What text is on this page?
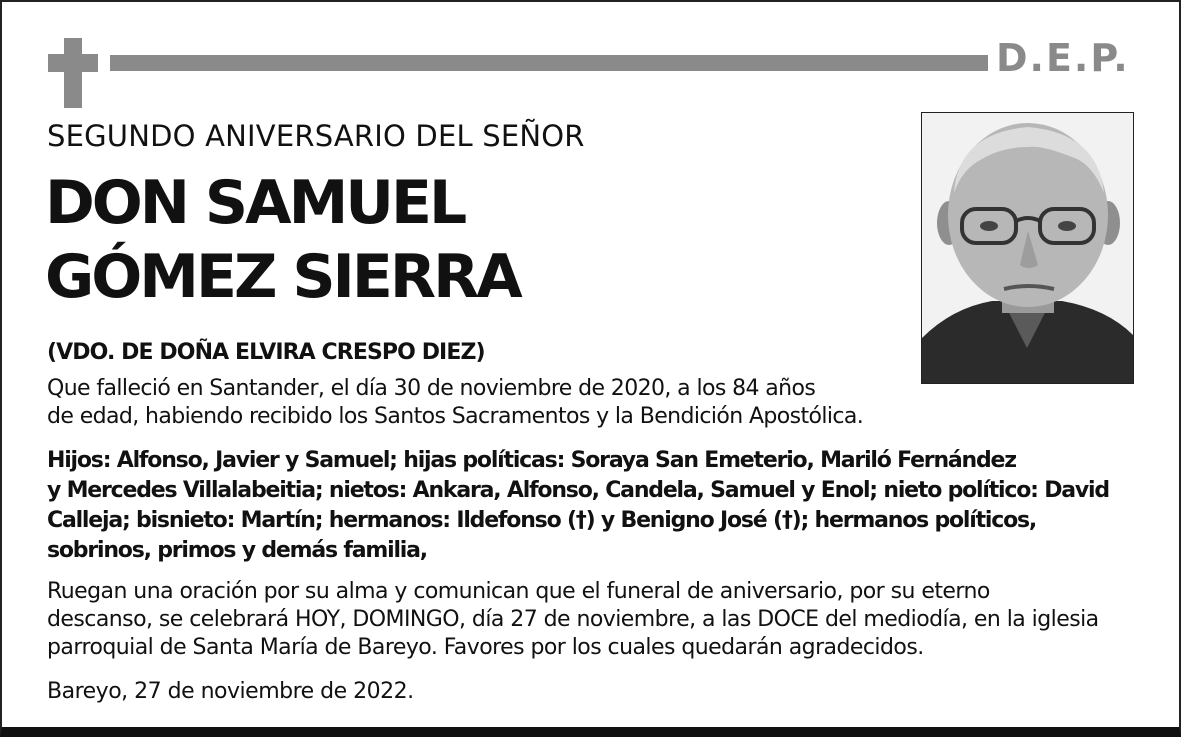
D.E.P.
SEGUNDO ANIVERSARIO DEL SEÑOR
DON SAMUEL
GÓMEZ SIERRA
(VDO. DE DOÑA ELVIRA CRESPO DIEZ)
Que falleció en Santander, el día 30 de noviembre de 2020, a los 84 años
de edad, habiendo recibido los Santos Sacramentos y la Bendición Apostólica.
Hijos: Alfonso, Javier y Samuel; hijas políticas: Soraya San Emeterio, Mariló Fernández
y Mercedes Villalabeitia; nietos: Ankara, Alfonso, Candela, Samuel y Enol; nieto político: David
Calleja; bisnieto: Martín; hermanos: Ildefonso (†) y Benigno José (†); hermanos políticos,
sobrinos, primos y demás familia,
Ruegan una oración por su alma y comunican que el funeral de aniversario, por su eterno
descanso, se celebrará HOY, DOMINGO, día 27 de noviembre, a las DOCE del mediodía, en la iglesia
parroquial de Santa María de Bareyo. Favores por los cuales quedarán agradecidos.
Bareyo, 27 de noviembre de 2022.
